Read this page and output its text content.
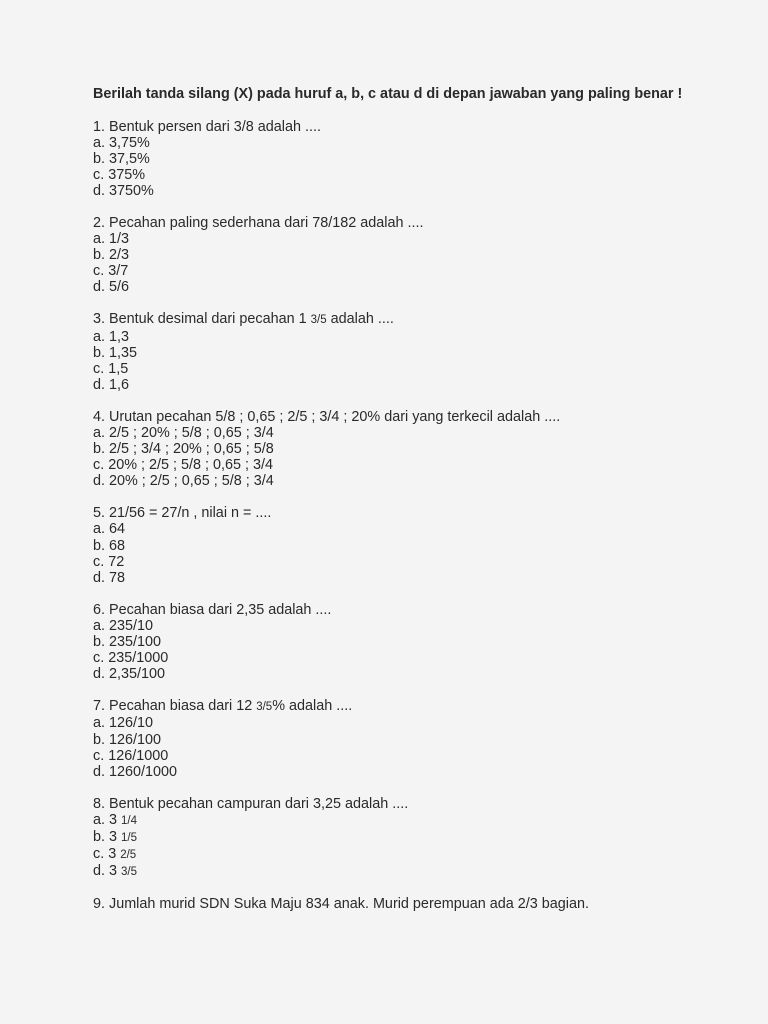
Berilah tanda silang (X) pada huruf a, b, c atau d di depan jawaban yang paling benar !
1. Bentuk persen dari 3/8 adalah ....
a. 3,75%
b. 37,5%
c. 375%
d. 3750%
2. Pecahan paling sederhana dari 78/182 adalah ....
a. 1/3
b. 2/3
c. 3/7
d. 5/6
3. Bentuk desimal dari pecahan 1 3/5 adalah ....
a. 1,3
b. 1,35
c. 1,5
d. 1,6
4. Urutan pecahan 5/8 ; 0,65 ; 2/5 ; 3/4 ; 20% dari yang terkecil adalah ....
a. 2/5 ; 20% ; 5/8 ; 0,65 ; 3/4
b. 2/5 ; 3/4 ; 20% ; 0,65 ; 5/8
c. 20% ; 2/5 ; 5/8 ; 0,65 ; 3/4
d. 20% ; 2/5 ; 0,65 ; 5/8 ; 3/4
5. 21/56 = 27/n , nilai n = ....
a. 64
b. 68
c. 72
d. 78
6. Pecahan biasa dari 2,35 adalah ....
a. 235/10
b. 235/100
c. 235/1000
d. 2,35/100
7. Pecahan biasa dari 12 3/5% adalah ....
a. 126/10
b. 126/100
c. 126/1000
d. 1260/1000
8. Bentuk pecahan campuran dari 3,25 adalah ....
a. 3 1/4
b. 3 1/5
c. 3 2/5
d. 3 3/5
9. Jumlah murid SDN Suka Maju 834 anak. Murid perempuan ada 2/3 bagian.
